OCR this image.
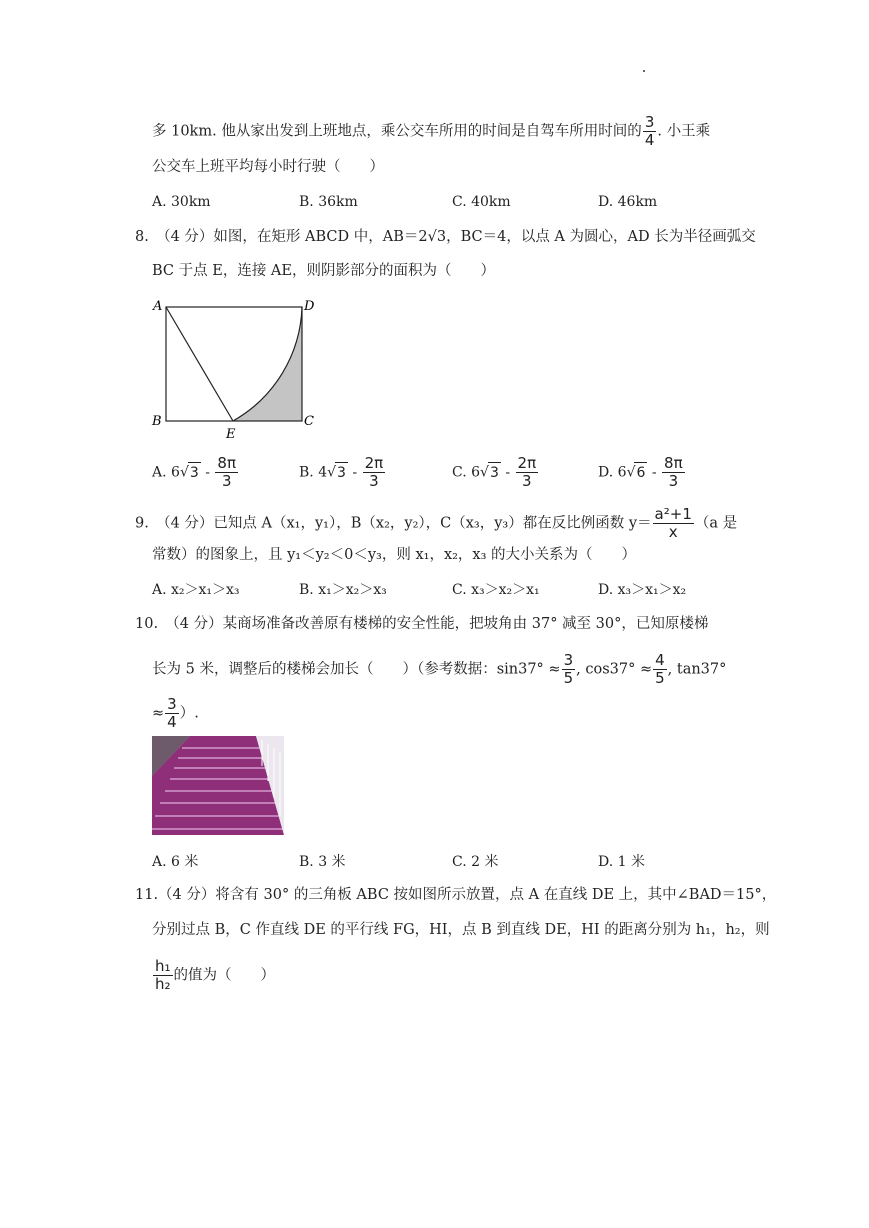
多 10km. 他从家出发到上班地点，乘公交车所用的时间是自驾车所用时间的 $\frac{3}{4}$ . 小王乘
公交车上班平均每小时行驶（　　）
A. 30km	B. 36km	C. 40km	D. 46km
8.　（4 分）如图，在矩形 ABCD 中，AB＝2√3，BC＝4，以点 A 为圆心，AD 长为半径画弧交
BC 于点 E，连接 AE，则阴影部分的面积为（　　）
A	D
B	C
E
A. $6√3 - \frac{8\pi}{3}$	B. $4√3 - \frac{2\pi}{3}$	C. $6√3 - \frac{2\pi}{3}$	D. $6√6 - \frac{8\pi}{3}$
9.　（4 分）已知点 A（x₁，y₁），B（x₂，y₂），C（x₃，y₃）都在反比例函数 $y= \frac{\text{a²+1}}{x} (a$ 是
常数）的图象上，且 y₁＜y₂＜0＜y₃，则 x₁，x₂，x₃ 的大小关系为（　　）
A. x₂＞x₁＞x₃	B. x₁＞x₂＞x₃	C. x₃＞x₂＞x₁	D. x₃＞x₁＞x₂
10.　（4 分）某商场准备改善原有楼梯的安全性能，把坡角由 37° 减至 30°，已知原楼梯
长为 5 米，调整后的楼梯会加长（　　）（参考数据：$\sin 37^\circ \approx \frac{3}{5}$ , $\cos 37^\circ \approx \frac{4}{5}$ , tan37°
≈ $\frac{3}{4}$ ）.
A. 6 米	B. 3 米	C. 2 米	D. 1 米
11.（4 分）将含有 30° 的三角板 ABC 按如图所示放置，点 A 在直线 DE 上，其中∠BAD＝15°，
分别过点 B，C 作直线 DE 的平行线 FG，HI，点 B 到直线 DE，HI 的距离分别为 h₁，h₂，则
$\frac{\text{h₁}}{\text{h₂}}$ 的值为（　　）
